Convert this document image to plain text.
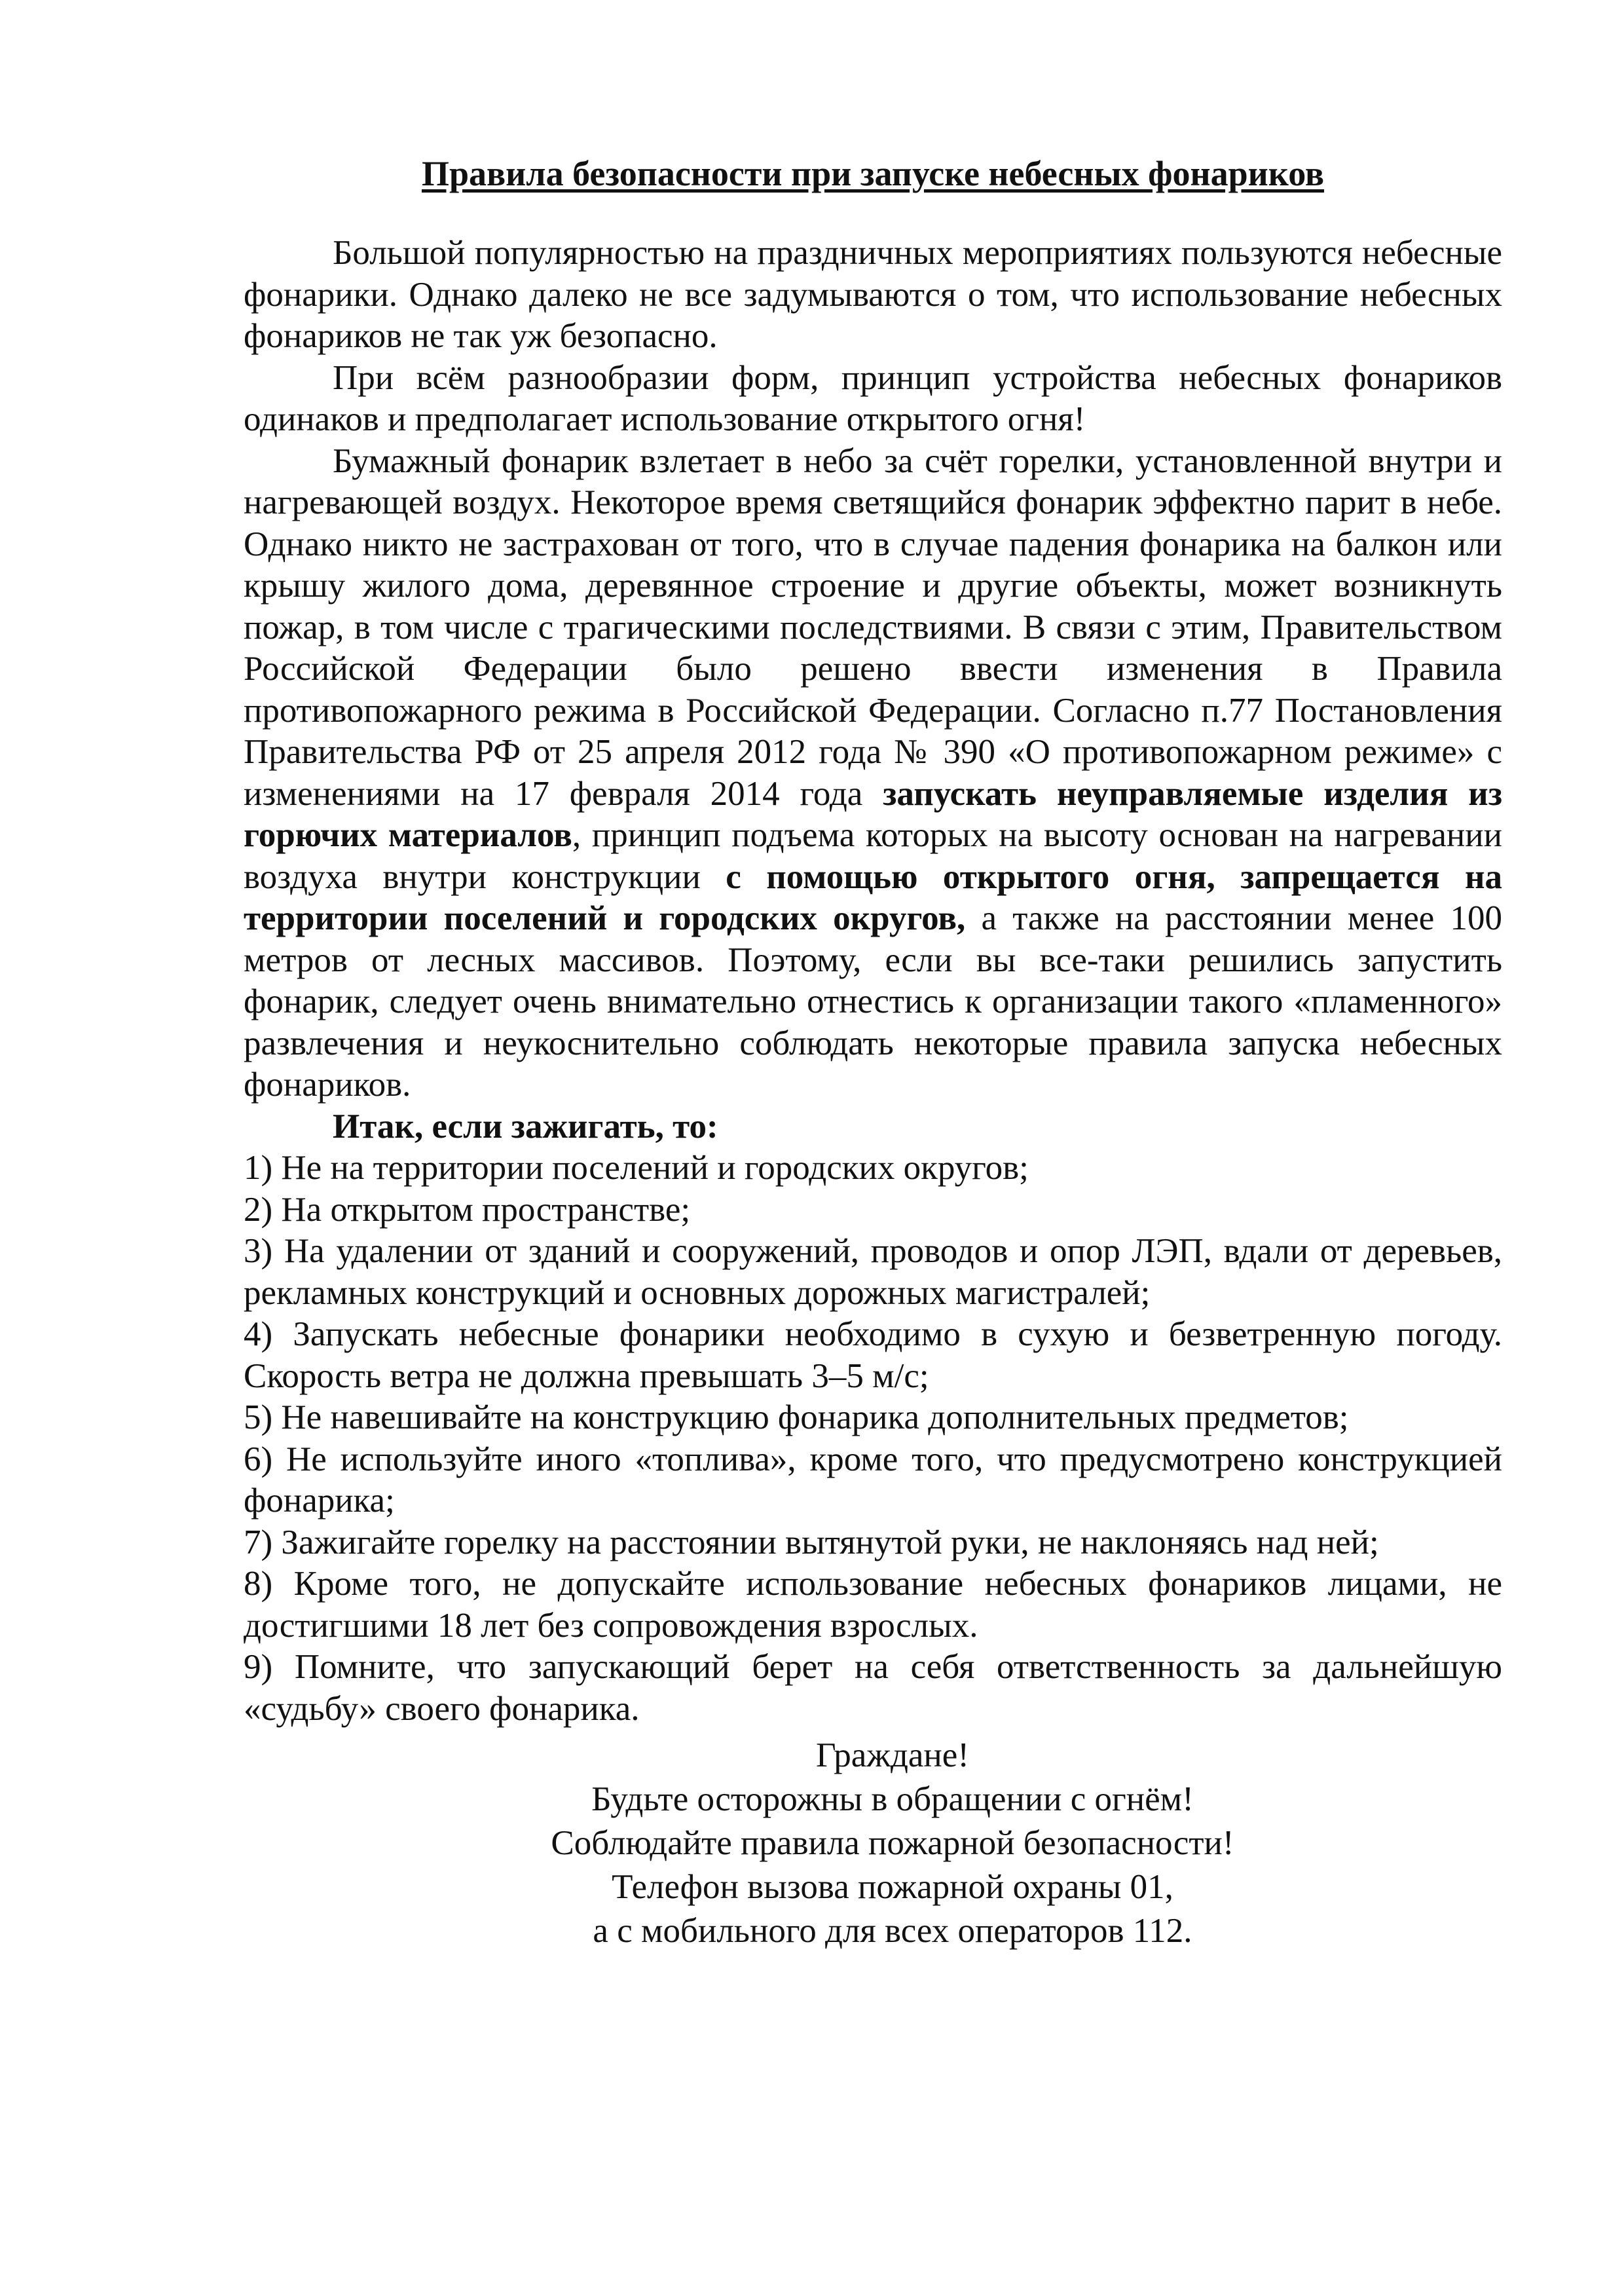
Правила безопасности при запуске небесных фонариков

Большой популярностью на праздничных мероприятиях пользуются небесные фонарики. Однако далеко не все задумываются о том, что использование небесных фонариков не так уж безопасно.

При всём разнообразии форм, принцип устройства небесных фонариков одинаков и предполагает использование открытого огня!

Бумажный фонарик взлетает в небо за счёт горелки, установленной внутри и нагревающей воздух. Некоторое время светящийся фонарик эффектно парит в небе. Однако никто не застрахован от того, что в случае падения фонарика на балкон или крышу жилого дома, деревянное строение и другие объекты, может возникнуть пожар, в том числе с трагическими последствиями. В связи с этим, Правительством Российской Федерации было решено ввести изменения в Правила противопожарного режима в Российской Федерации. Согласно п.77 Постановления Правительства РФ от 25 апреля 2012 года № 390 «О противопожарном режиме» с изменениями на 17 февраля 2014 года запускать неуправляемые изделия из горючих материалов, принцип подъема которых на высоту основан на нагревании воздуха внутри конструкции с помощью открытого огня, запрещается на территории поселений и городских округов, а также на расстоянии менее 100 метров от лесных массивов. Поэтому, если вы все-таки решились запустить фонарик, следует очень внимательно отнестись к организации такого «пламенного» развлечения и неукоснительно соблюдать некоторые правила запуска небесных фонариков.

Итак, если зажигать, то:

1) Не на территории поселений и городских округов;
2) На открытом пространстве;
3) На удалении от зданий и сооружений, проводов и опор ЛЭП, вдали от деревьев, рекламных конструкций и основных дорожных магистралей;
4) Запускать небесные фонарики необходимо в сухую и безветренную погоду. Скорость ветра не должна превышать 3–5 м/с;
5) Не навешивайте на конструкцию фонарика дополнительных предметов;
6) Не используйте иного «топлива», кроме того, что предусмотрено конструкцией фонарика;
7) Зажигайте горелку на расстоянии вытянутой руки, не наклоняясь над ней;
8) Кроме того, не допускайте использование небесных фонариков лицами, не достигшими 18 лет без сопровождения взрослых.
9) Помните, что запускающий берет на себя ответственность за дальнейшую «судьбу» своего фонарика.

Граждане!

Будьте осторожны в обращении с огнём!

Соблюдайте правила пожарной безопасности!

Телефон вызова пожарной охраны 01,

а с мобильного для всех операторов 112.
